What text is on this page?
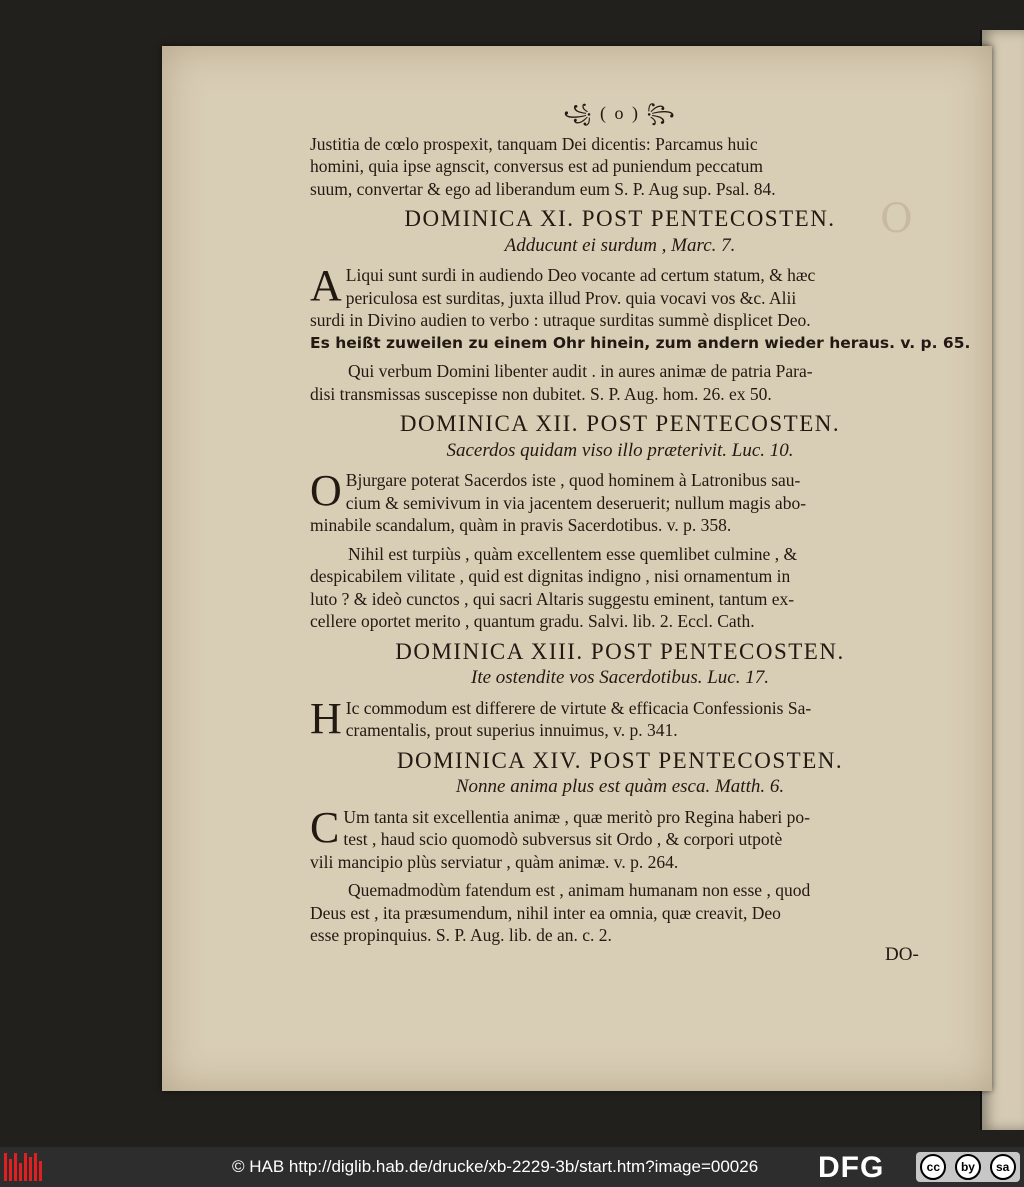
O
꧁ ( o ) ꧂
Justitia de cœlo prospexit, tanquam Dei dicentis: Parcamus huic
homini, quia ipse agnscit, conversus est ad puniendum peccatum
suum, convertar & ego ad liberandum eum S. P. Aug sup. Psal. 84.
DOMINICA XI. POST PENTECOSTEN.
Adducunt ei surdum , Marc. 7.
A Liqui sunt surdi in audiendo Deo vocante ad certum statum, & hæc
periculosa est surditas, juxta illud Prov. quia vocavi vos &c. Alii
surdi in Divino audien to verbo : utraque surditas summè displicet Deo.
Es heißt zuweilen zu einem Ohr hinein, zum andern wieder heraus. v. p. 65.
Qui verbum Domini libenter audit . in aures animæ de patria Para-
disi transmissas suscepisse non dubitet. S. P. Aug. hom. 26. ex 50.
DOMINICA XII. POST PENTECOSTEN.
Sacerdos quidam viso illo præterivit. Luc. 10.
O Bjurgare poterat Sacerdos iste , quod hominem à Latronibus sau-
cium & semivivum in via jacentem deseruerit; nullum magis abo-
minabile scandalum, quàm in pravis Sacerdotibus. v. p. 358.
Nihil est turpiùs , quàm excellentem esse quemlibet culmine , &
despicabilem vilitate , quid est dignitas indigno , nisi ornamentum in
luto ? & ideò cunctos , qui sacri Altaris suggestu eminent, tantum ex-
cellere oportet merito , quantum gradu. Salvi. lib. 2. Eccl. Cath.
DOMINICA XIII. POST PENTECOSTEN.
Ite ostendite vos Sacerdotibus. Luc. 17.
H Ic commodum est differere de virtute & efficacia Confessionis Sa-
cramentalis, prout superius innuimus, v. p. 341.
DOMINICA XIV. POST PENTECOSTEN.
Nonne anima plus est quàm esca. Matth. 6.
C Um tanta sit excellentia animæ , quæ meritò pro Regina haberi po-
test , haud scio quomodò subversus sit Ordo , & corpori utpotè
vili mancipio plùs serviatur , quàm animæ. v. p. 264.
Quemadmodùm fatendum est , animam humanam non esse , quod
Deus est , ita præsumendum, nihil inter ea omnia, quæ creavit, Deo
esse propinquius. S. P. Aug. lib. de an. c. 2.
DO-
© HAB http://diglib.hab.de/drucke/xb-2229-3b/start.htm?image=00026 DFG	cc	by	sa
